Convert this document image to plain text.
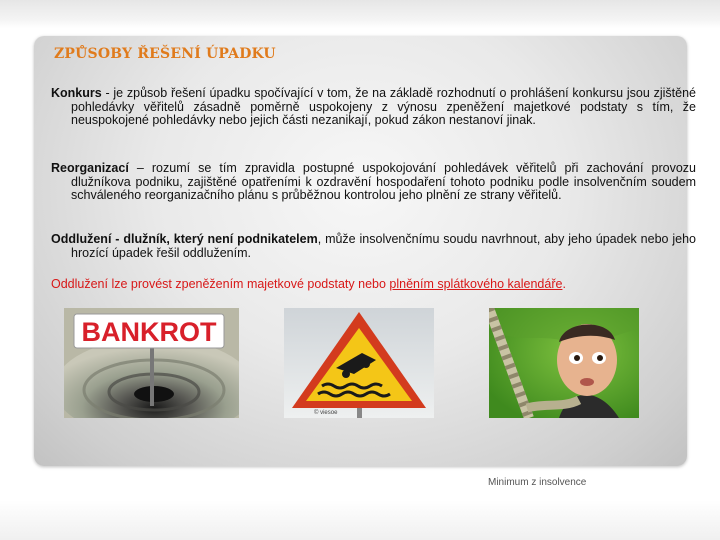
ZPŮSOBY ŘEŠENÍ ÚPADKU

Konkurs - je způsob řešení úpadku spočívající v tom, že na základě rozhodnutí o prohlášení konkursu jsou zjištěné pohledávky věřitelů zásadně poměrně uspokojeny z výnosu zpeněžení majetkové podstaty s tím, že neuspokojené pohledávky nebo jejich části nezanikají, pokud zákon nestanoví jinak.

Reorganizací – rozumí se tím zpravidla postupné uspokojování pohledávek věřitelů při zachování provozu dlužníkova podniku, zajištěné opatřeními k ozdravění hospodaření tohoto podniku podle insolvenčním soudem schváleného reorganizačního plánu s průběžnou kontrolou jeho plnění ze strany věřitelů.

Oddlužení - dlužník, který není podnikatelem, může insolvenčnímu soudu navrhnout, aby jeho úpadek nebo jeho hrozící úpadek řešil oddlužením.

Oddlužení lze provést zpeněžením majetkové podstaty nebo plněním splátkového kalendáře.

BANKROT
© viesoe
Minimum z insolvence
